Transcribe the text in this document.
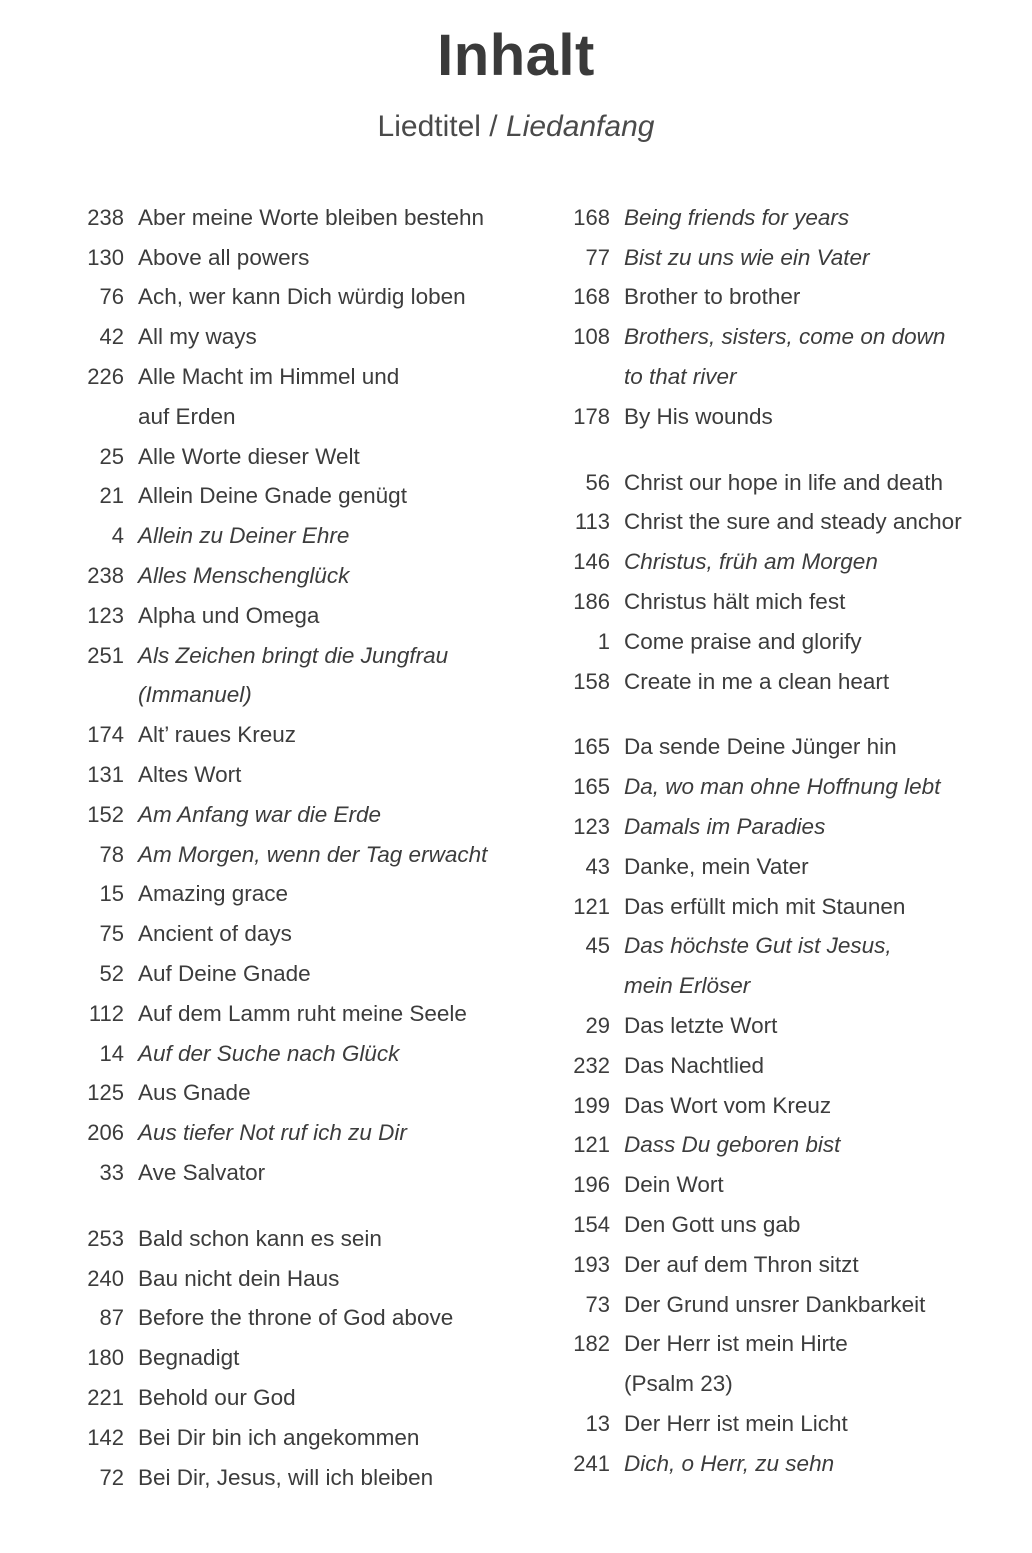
Inhalt
Liedtitel / Liedanfang
238 Aber meine Worte bleiben bestehn
130 Above all powers
76 Ach, wer kann Dich würdig loben
42 All my ways
226 Alle Macht im Himmel und
auf Erden
25 Alle Worte dieser Welt
21 Allein Deine Gnade genügt
4 Allein zu Deiner Ehre
238 Alles Menschenglück
123 Alpha und Omega
251 Als Zeichen bringt die Jungfrau
(Immanuel)
174 Alt’ raues Kreuz
131 Altes Wort
152 Am Anfang war die Erde
78 Am Morgen, wenn der Tag erwacht
15 Amazing grace
75 Ancient of days
52 Auf Deine Gnade
112 Auf dem Lamm ruht meine Seele
14 Auf der Suche nach Glück
125 Aus Gnade
206 Aus tiefer Not ruf ich zu Dir
33 Ave Salvator
253 Bald schon kann es sein
240 Bau nicht dein Haus
87 Before the throne of God above
180 Begnadigt
221 Behold our God
142 Bei Dir bin ich angekommen
72 Bei Dir, Jesus, will ich bleiben
168 Being friends for years
77 Bist zu uns wie ein Vater
168 Brother to brother
108 Brothers, sisters, come on down
to that river
178 By His wounds
56 Christ our hope in life and death
113 Christ the sure and steady anchor
146 Christus, früh am Morgen
186 Christus hält mich fest
1 Come praise and glorify
158 Create in me a clean heart
165 Da sende Deine Jünger hin
165 Da, wo man ohne Hoffnung lebt
123 Damals im Paradies
43 Danke, mein Vater
121 Das erfüllt mich mit Staunen
45 Das höchste Gut ist Jesus,
mein Erlöser
29 Das letzte Wort
232 Das Nachtlied
199 Das Wort vom Kreuz
121 Dass Du geboren bist
196 Dein Wort
154 Den Gott uns gab
193 Der auf dem Thron sitzt
73 Der Grund unsrer Dankbarkeit
182 Der Herr ist mein Hirte
(Psalm 23)
13 Der Herr ist mein Licht
241 Dich, o Herr, zu sehn
